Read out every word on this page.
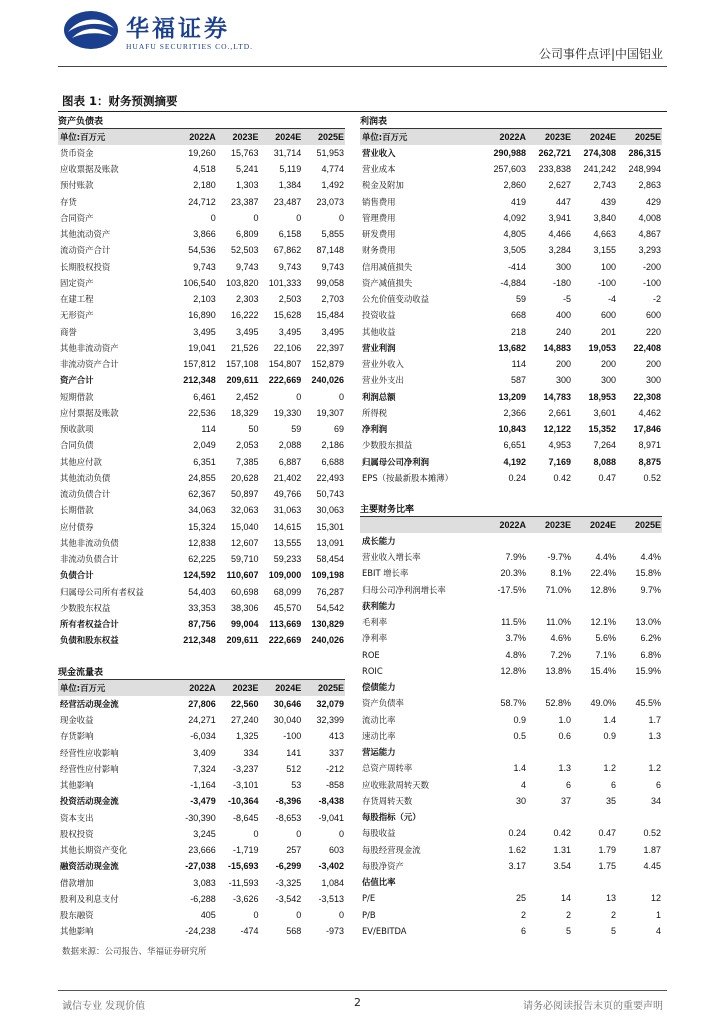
华福证券
HUAFU SECURITIES CO.,LTD.
公司事件点评|中国铝业
图表 1：财务预测摘要
资产负债表
单位:百万元	2022A	2023E	2024E	2025E
货币资金	19,260	15,763	31,714	51,953
应收票据及账款	4,518	5,241	5,119	4,774
预付账款	2,180	1,303	1,384	1,492
存货	24,712	23,387	23,487	23,073
合同资产	0	0	0	0
其他流动资产	3,866	6,809	6,158	5,855
流动资产合计	54,536	52,503	67,862	87,148
长期股权投资	9,743	9,743	9,743	9,743
固定资产	106,540	103,820	101,333	99,058
在建工程	2,103	2,303	2,503	2,703
无形资产	16,890	16,222	15,628	15,484
商誉	3,495	3,495	3,495	3,495
其他非流动资产	19,041	21,526	22,106	22,397
非流动资产合计	157,812	157,108	154,807	152,879
资产合计	212,348	209,611	222,669	240,026
短期借款	6,461	2,452	0	0
应付票据及账款	22,536	18,329	19,330	19,307
预收款项	114	50	59	69
合同负债	2,049	2,053	2,088	2,186
其他应付款	6,351	7,385	6,887	6,688
其他流动负债	24,855	20,628	21,402	22,493
流动负债合计	62,367	50,897	49,766	50,743
长期借款	34,063	32,063	31,063	30,063
应付债券	15,324	15,040	14,615	15,301
其他非流动负债	12,838	12,607	13,555	13,091
非流动负债合计	62,225	59,710	59,233	58,454
负债合计	124,592	110,607	109,000	109,198
归属母公司所有者权益	54,403	60,698	68,099	76,287
少数股东权益	33,353	38,306	45,570	54,542
所有者权益合计	87,756	99,004	113,669	130,829
负债和股东权益	212,348	209,611	222,669	240,026
现金流量表
单位:百万元	2022A	2023E	2024E	2025E
经营活动现金流	27,806	22,560	30,646	32,079
现金收益	24,271	27,240	30,040	32,399
存货影响	-6,034	1,325	-100	413
经营性应收影响	3,409	334	141	337
经营性应付影响	7,324	-3,237	512	-212
其他影响	-1,164	-3,101	53	-858
投资活动现金流	-3,479	-10,364	-8,396	-8,438
资本支出	-30,390	-8,645	-8,653	-9,041
股权投资	3,245	0	0	0
其他长期资产变化	23,666	-1,719	257	603
融资活动现金流	-27,038	-15,693	-6,299	-3,402
借款增加	3,083	-11,593	-3,325	1,084
股利及利息支付	-6,288	-3,626	-3,542	-3,513
股东融资	405	0	0	0
其他影响	-24,238	-474	568	-973
利润表
单位:百万元	2022A	2023E	2024E	2025E
营业收入	290,988	262,721	274,308	286,315
营业成本	257,603	233,838	241,242	248,994
税金及附加	2,860	2,627	2,743	2,863
销售费用	419	447	439	429
管理费用	4,092	3,941	3,840	4,008
研发费用	4,805	4,466	4,663	4,867
财务费用	3,505	3,284	3,155	3,293
信用减值损失	-414	300	100	-200
资产减值损失	-4,884	-180	-100	-100
公允价值变动收益	59	-5	-4	-2
投资收益	668	400	600	600
其他收益	218	240	201	220
营业利润	13,682	14,883	19,053	22,408
营业外收入	114	200	200	200
营业外支出	587	300	300	300
利润总额	13,209	14,783	18,953	22,308
所得税	2,366	2,661	3,601	4,462
净利润	10,843	12,122	15,352	17,846
少数股东损益	6,651	4,953	7,264	8,971
归属母公司净利润	4,192	7,169	8,088	8,875
EPS（按最新股本摊薄）	0.24	0.42	0.47	0.52
主要财务比率
	2022A	2023E	2024E	2025E
成长能力				
营业收入增长率	7.9%	-9.7%	4.4%	4.4%
EBIT 增长率	20.3%	8.1%	22.4%	15.8%
归母公司净利润增长率	-17.5%	71.0%	12.8%	9.7%
获利能力				
毛利率	11.5%	11.0%	12.1%	13.0%
净利率	3.7%	4.6%	5.6%	6.2%
ROE	4.8%	7.2%	7.1%	6.8%
ROIC	12.8%	13.8%	15.4%	15.9%
偿债能力				
资产负债率	58.7%	52.8%	49.0%	45.5%
流动比率	0.9	1.0	1.4	1.7
速动比率	0.5	0.6	0.9	1.3
营运能力				
总资产周转率	1.4	1.3	1.2	1.2
应收账款周转天数	4	6	6	6
存货周转天数	30	37	35	34
每股指标（元）				
每股收益	0.24	0.42	0.47	0.52
每股经营现金流	1.62	1.31	1.79	1.87
每股净资产	3.17	3.54	1.75	4.45
估值比率				
P/E	25	14	13	12
P/B	2	2	2	1
EV/EBITDA	6	5	5	4
数据来源：公司报告、华福证券研究所
诚信专业 发现价值	2	请务必阅读报告末页的重要声明
